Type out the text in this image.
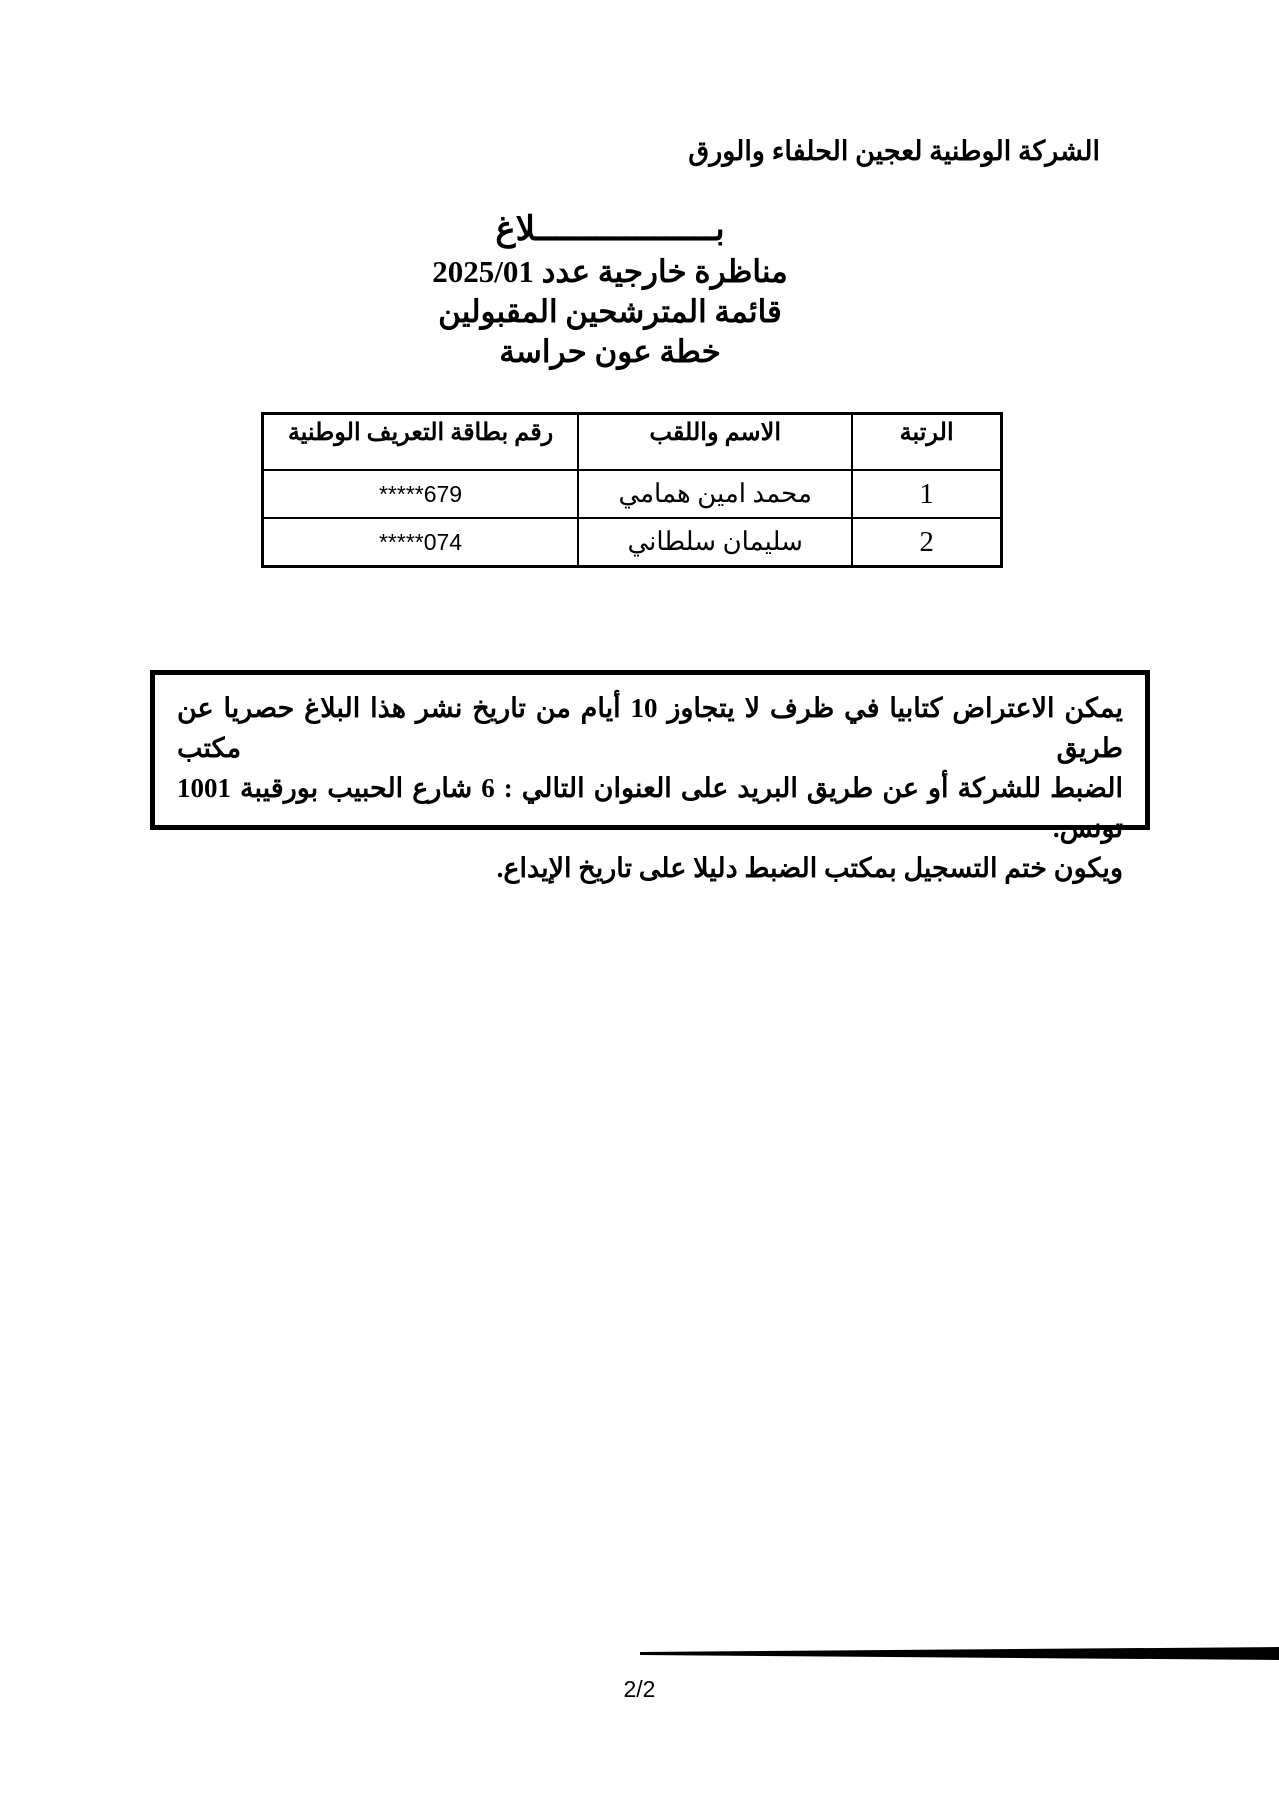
الشركة الوطنية لعجين الحلفاء والورق
بــــــــــــــــــلاغ
مناظرة خارجية عدد 2025/01
قائمة المترشحين المقبولين
خطة عون حراسة
الرتبة	الاسم واللقب	رقم بطاقة التعريف الوطنية
1	محمد امين همامي	*****679
2	سليمان سلطاني	*****074
يمكن الاعتراض كتابيا في ظرف لا يتجاوز 10 أيام من تاريخ نشر هذا البلاغ حصريا عن طريق مكتب
الضبط للشركة أو عن طريق البريد على العنوان التالي : 6 شارع الحبيب بورقيبة 1001 تونس.
ويكون ختم التسجيل بمكتب الضبط دليلا على تاريخ الإيداع.
2/2
